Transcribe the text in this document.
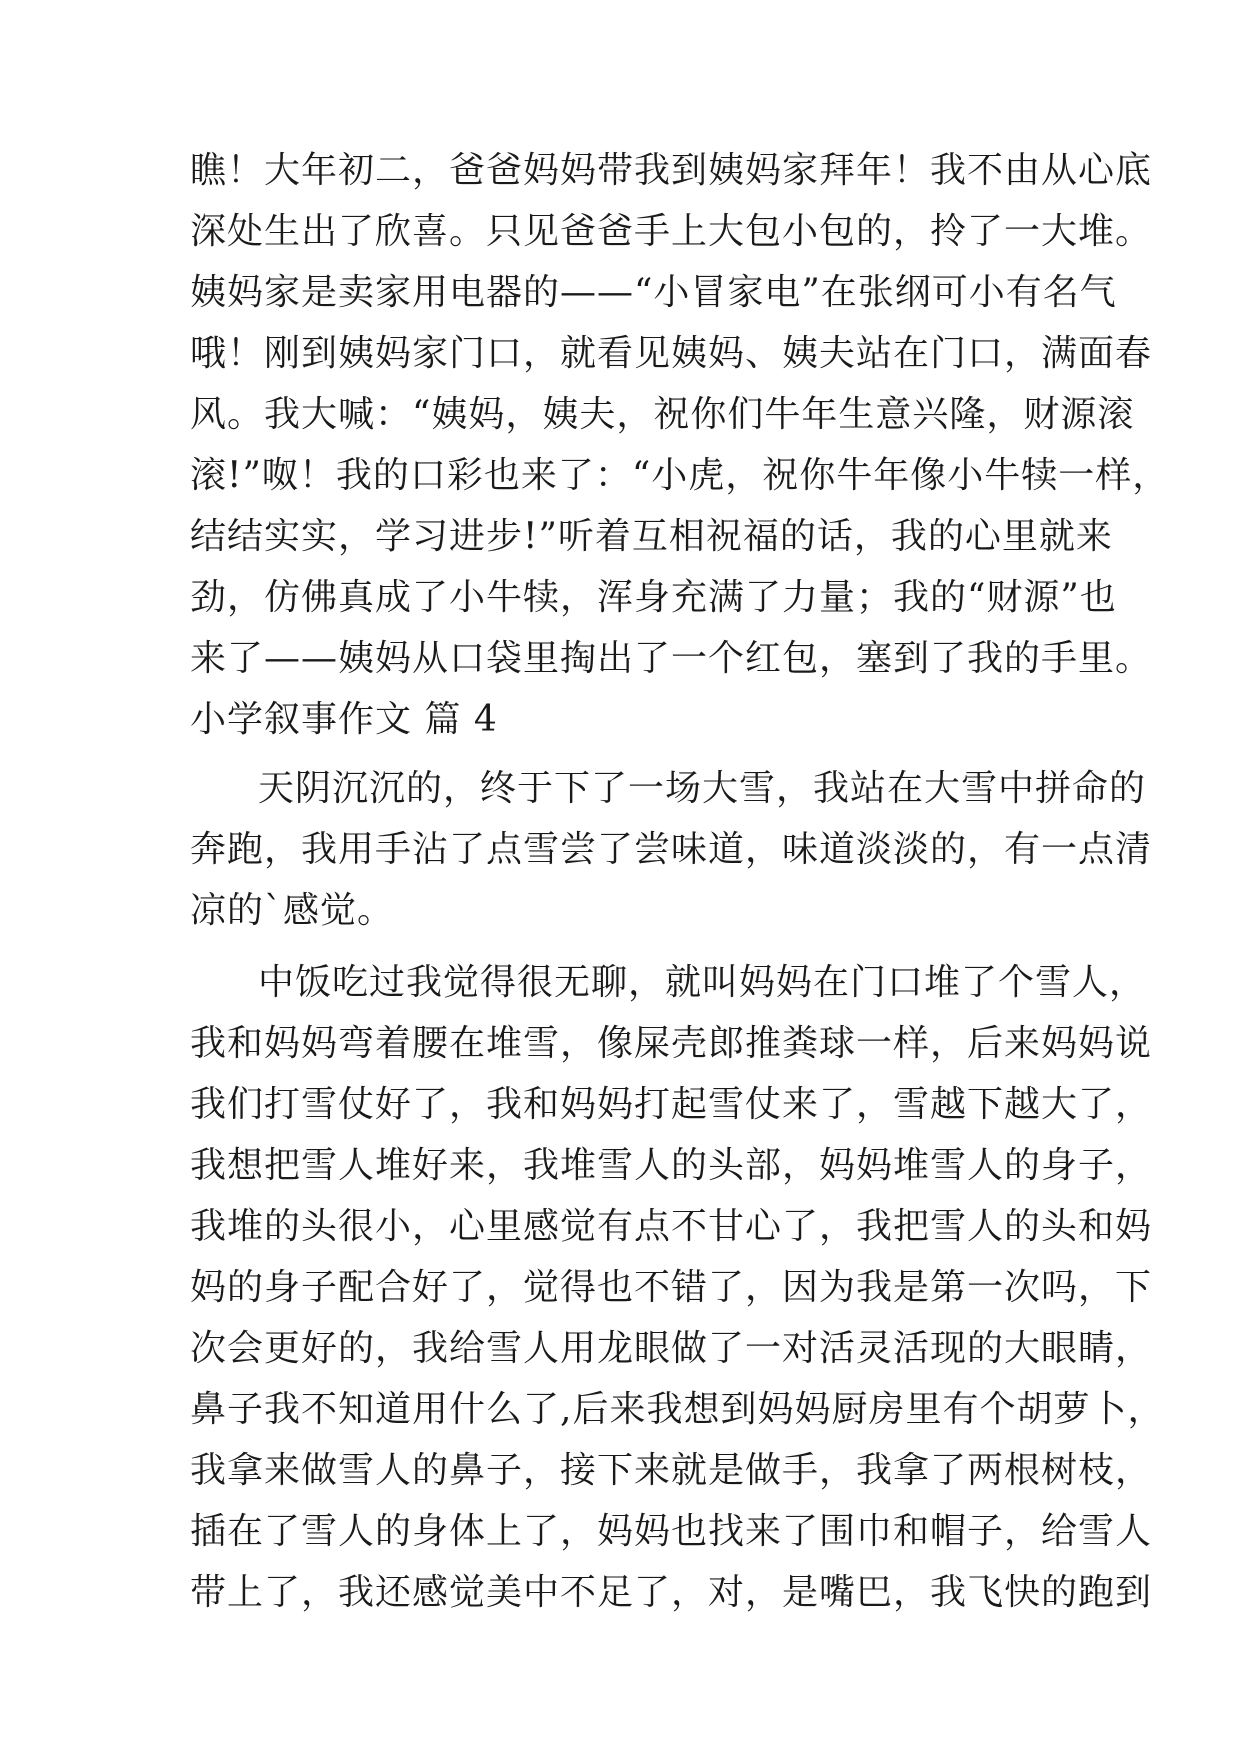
瞧！大年初二，爸爸妈妈带我到姨妈家拜年！我不由从心底
深处生出了欣喜。只见爸爸手上大包小包的，拎了一大堆。
姨妈家是卖家用电器的——“小冒家电”在张纲可小有名气
哦！刚到姨妈家门口，就看见姨妈、姨夫站在门口，满面春
风。我大喊：“姨妈，姨夫，祝你们牛年生意兴隆，财源滚
滚!”呶！我的口彩也来了：“小虎，祝你牛年像小牛犊一样，
结结实实，学习进步!”听着互相祝福的话，我的心里就来
劲，仿佛真成了小牛犊，浑身充满了力量；我的“财源”也
来了——姨妈从口袋里掏出了一个红包，塞到了我的手里。
小学叙事作文 篇 4
天阴沉沉的，终于下了一场大雪，我站在大雪中拼命的
奔跑，我用手沾了点雪尝了尝味道，味道淡淡的，有一点清
凉的`感觉。
中饭吃过我觉得很无聊，就叫妈妈在门口堆了个雪人，
我和妈妈弯着腰在堆雪，像屎壳郎推粪球一样，后来妈妈说
我们打雪仗好了，我和妈妈打起雪仗来了，雪越下越大了，
我想把雪人堆好来，我堆雪人的头部，妈妈堆雪人的身子，
我堆的头很小，心里感觉有点不甘心了，我把雪人的头和妈
妈的身子配合好了，觉得也不错了，因为我是第一次吗，下
次会更好的，我给雪人用龙眼做了一对活灵活现的大眼睛，
鼻子我不知道用什么了,后来我想到妈妈厨房里有个胡萝卜，
我拿来做雪人的鼻子，接下来就是做手，我拿了两根树枝，
插在了雪人的身体上了，妈妈也找来了围巾和帽子，给雪人
带上了，我还感觉美中不足了，对，是嘴巴，我飞快的跑到
